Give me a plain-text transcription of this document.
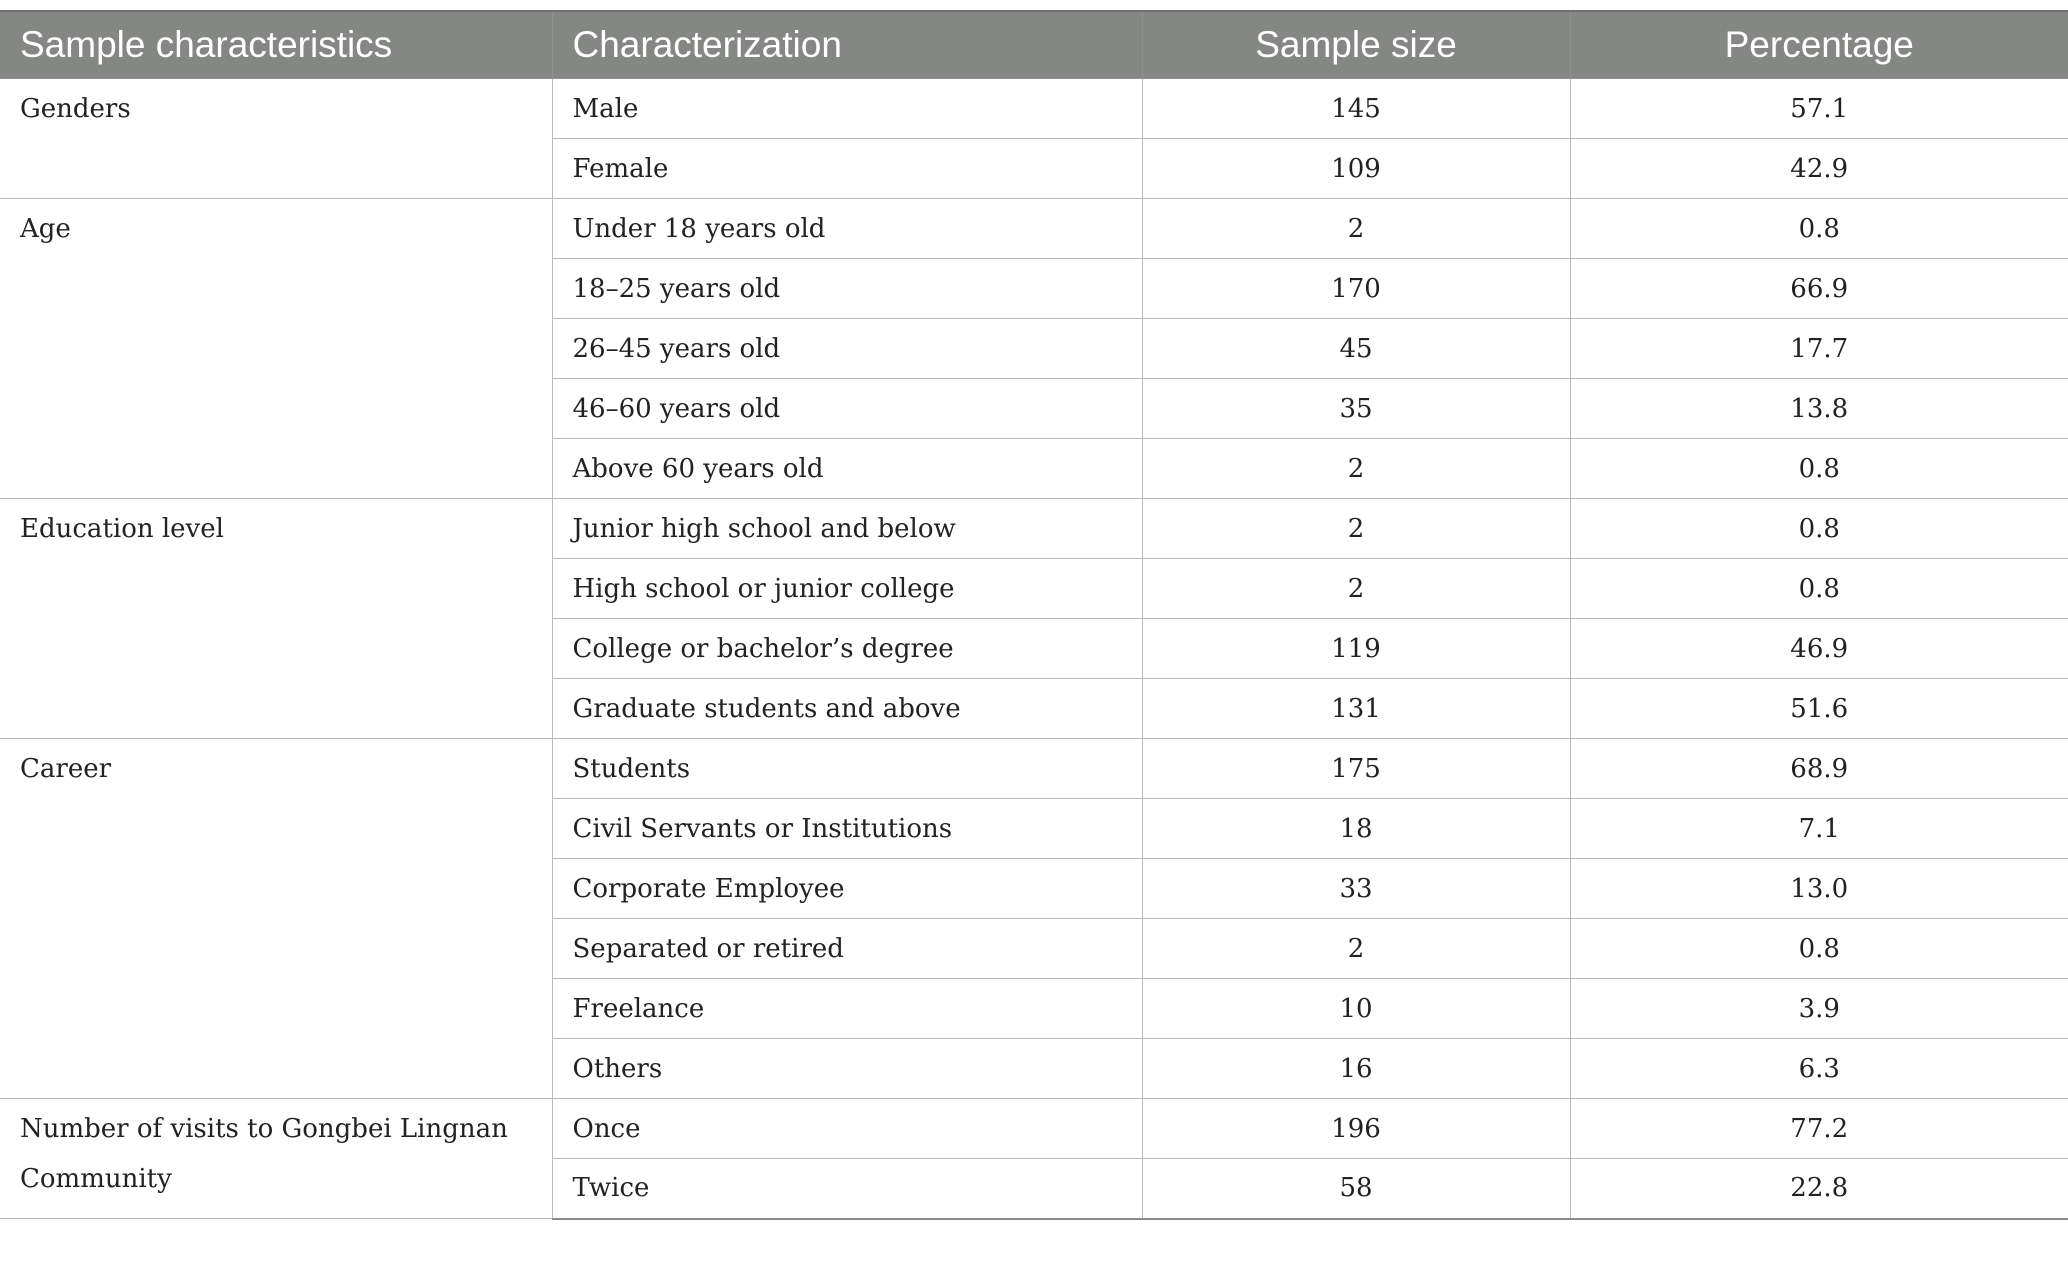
Sample characteristics	Characterization	Sample size	Percentage
Genders	Male	145	57.1
	Female	109	42.9
Age	Under 18 years old	2	0.8
	18–25 years old	170	66.9
	26–45 years old	45	17.7
	46–60 years old	35	13.8
	Above 60 years old	2	0.8
Education level	Junior high school and below	2	0.8
	High school or junior college	2	0.8
	College or bachelor’s degree	119	46.9
	Graduate students and above	131	51.6
Career	Students	175	68.9
	Civil Servants or Institutions	18	7.1
	Corporate Employee	33	13.0
	Separated or retired	2	0.8
	Freelance	10	3.9
	Others	16	6.3
Number of visits to Gongbei Lingnan Community	Once	196	77.2
	Twice	58	22.8
